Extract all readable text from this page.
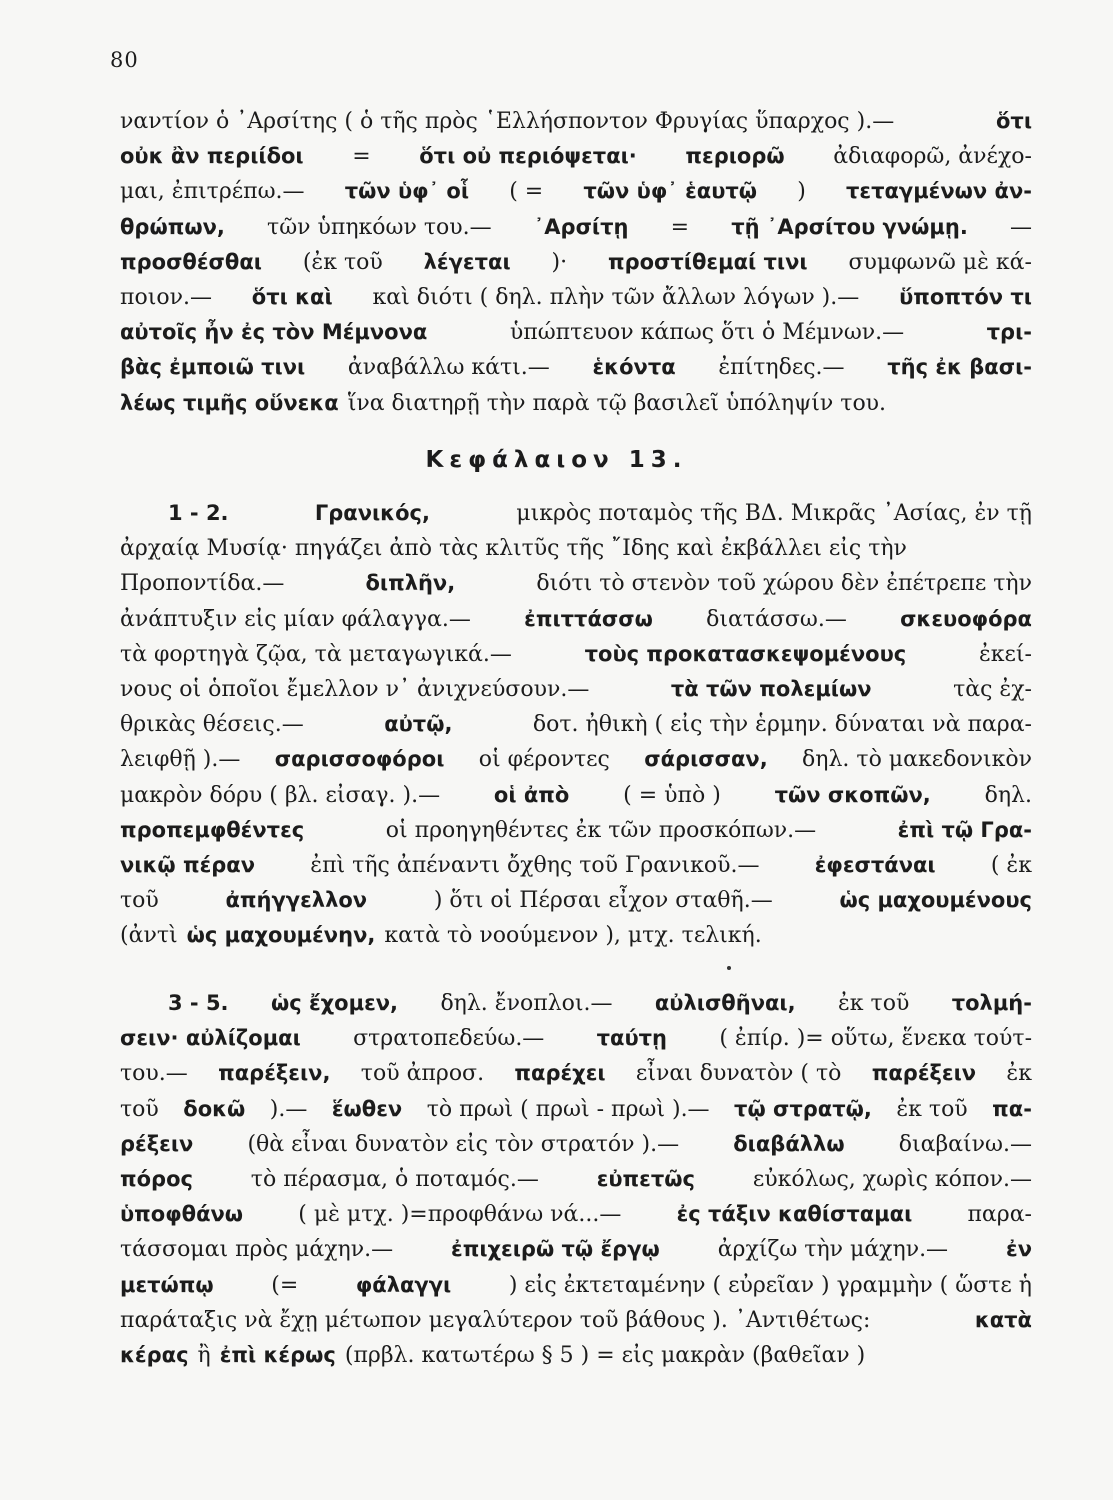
80
ναντίον ὁ ᾿Αρσίτης ( ὁ τῆς πρὸς ῾Ελλήσποντον Φρυγίας ὕπαρχος ).—	ὅτι
οὐκ ἂν περιίδοι = ὅτι οὐ περιόψεται· περιορῶ ἀδιαφορῶ, ἀνέχο-
μαι, ἐπιτρέπω.— τῶν ὑφ᾿ οἷ ( = τῶν ὑφ᾿ ἑαυτῷ ) τεταγμένων ἀν-
θρώπων, τῶν ὑπηκόων του.— ᾿Αρσίτῃ = τῇ ᾿Αρσίτου γνώμῃ. —
προσθέσθαι (ἐκ τοῦ λέγεται )· προστίθεμαί τινι συμφωνῶ μὲ κά-
ποιον.— ὅτι καὶ καὶ διότι ( δηλ. πλὴν τῶν ἄλλων λόγων ).— ὕποπτόν τι
αὐτοῖς ἦν ἐς τὸν Μέμνονα	ὑπώπτευον κάπως ὅτι ὁ Μέμνων.—	τρι-
βὰς ἐμποιῶ τινι ἀναβάλλω κάτι.— ἑκόντα ἐπίτηδες.— τῆς ἐκ βασι-
λέως τιμῆς οὕνεκα ἵνα διατηρῇ τὴν παρὰ τῷ βασιλεῖ ὑπόληψίν του.
Κεφάλαιον 13.
1 - 2.	Γρανικός,	μικρὸς ποταμὸς τῆς ΒΔ. Μικρᾶς ᾿Ασίας, ἐν τῇ
ἀρχαίᾳ Μυσίᾳ· πηγάζει ἀπὸ τὰς κλιτῦς τῆς ῎Ιδης καὶ ἐκβάλλει εἰς τὴν
Προποντίδα.—	διπλῆν,	διότι τὸ στενὸν τοῦ χώρου δὲν ἐπέτρεπε τὴν
ἀνάπτυξιν εἰς μίαν φάλαγγα.—	ἐπιττάσσω διατάσσω.—	σκευοφόρα
τὰ φορτηγὰ ζῷα, τὰ μεταγωγικά.—	τοὺς προκατασκεψομένους	ἐκεί-
νους οἱ ὁποῖοι ἔμελλον ν᾿ ἀνιχνεύσουν.—	τὰ τῶν πολεμίων	τὰς ἐχ-
θρικὰς θέσεις.—	αὐτῷ,	δοτ. ἠθικὴ ( εἰς τὴν ἑρμην. δύναται νὰ παρα-
λειφθῇ ).— σαρισσοφόροι οἱ φέροντες σάρισσαν, δηλ. τὸ μακεδονικὸν
μακρὸν δόρυ ( βλ. εἰσαγ. ).—	οἱ ἀπὸ ( = ὑπὸ )	τῶν σκοπῶν, δηλ.
προπεμφθέντες	οἱ προηγηθέντες ἐκ τῶν προσκόπων.—	ἐπὶ τῷ Γρα-
νικῷ πέραν	ἐπὶ τῆς ἀπέναντι ὄχθης τοῦ Γρανικοῦ.—	ἐφεστάναι	( ἐκ
τοῦ	ἀπήγγελλον	) ὅτι οἱ Πέρσαι εἶχον σταθῆ.—	ὡς μαχουμένους
(ἀντὶ ὡς μαχουμένην, κατὰ τὸ νοούμενον ), μτχ. τελική.
3 - 5. ὡς ἔχομεν, δηλ. ἔνοπλοι.— αὐλισθῆναι, ἐκ τοῦ τολμή-
σειν· αὐλίζομαι στρατοπεδεύω.— ταύτῃ ( ἐπίρ. )= οὕτω, ἕνεκα τούτ-
του.— παρέξειν, τοῦ ἀπροσ. παρέχει εἶναι δυνατὸν ( τὸ παρέξειν ἐκ
τοῦ δοκῶ ).— ἕωθεν τὸ πρωὶ ( πρωὶ - πρωὶ ).— τῷ στρατῷ, ἐκ τοῦ πα-
ρέξειν (θὰ εἶναι δυνατὸν εἰς τὸν στρατόν ).—	διαβάλλω διαβαίνω.—
πόρος	τὸ πέρασμα, ὁ ποταμός.—	εὐπετῶς	εὐκόλως, χωρὶς κόπον.—
ὑποφθάνω	( μὲ μτχ. )=προφθάνω νά...—	ἐς τάξιν καθίσταμαι	παρα-
τάσσομαι πρὸς μάχην.—	ἐπιχειρῶ τῷ ἔργῳ	ἀρχίζω τὴν μάχην.—	ἐν
μετώπῳ	(=	φάλαγγι	) εἰς ἐκτεταμένην ( εὐρεῖαν ) γραμμὴν ( ὥστε ἡ
παράταξις νὰ ἔχῃ μέτωπον μεγαλύτερον τοῦ βάθους ). ᾿Αντιθέτως:	κατὰ
κέρας ἢ ἐπὶ κέρως (πρβλ. κατωτέρω § 5 ) = εἰς μακρὰν (βαθεῖαν )
